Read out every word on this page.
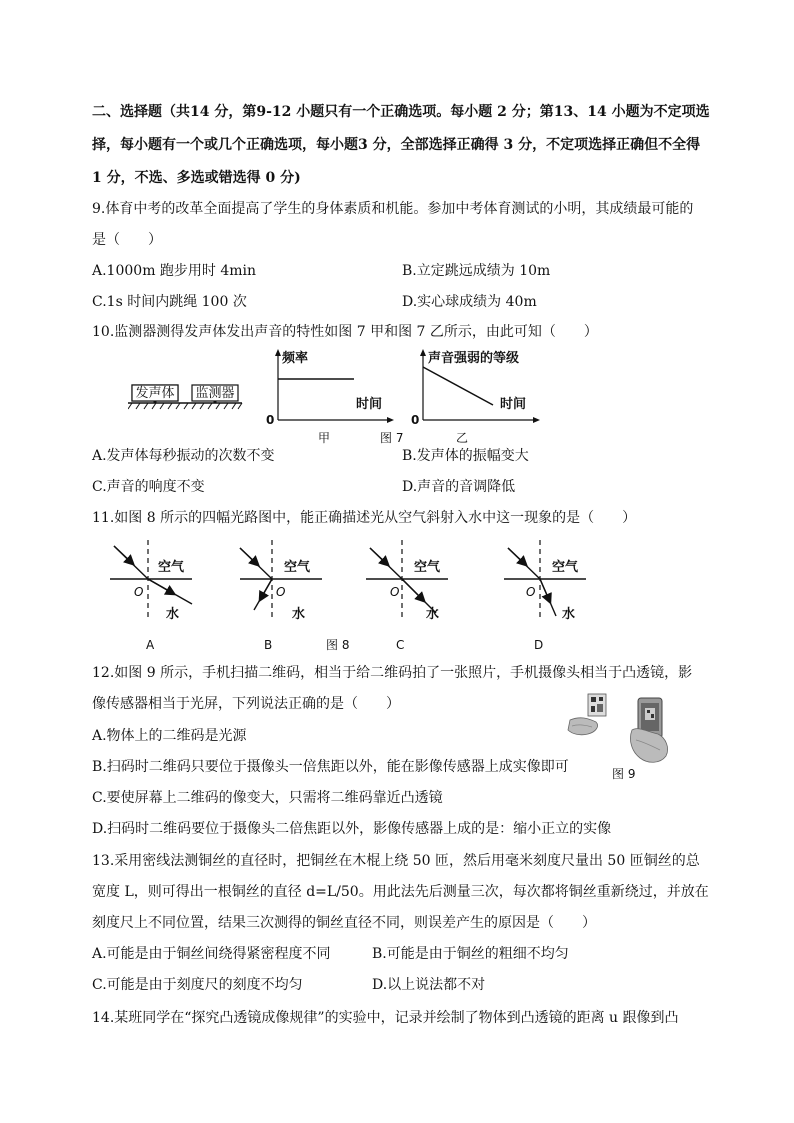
二、选择题（共14 分，第9-12 小题只有一个正确选项。每小题 2 分；第13、14 小题为不定项选
择，每小题有一个或几个正确选项，每小题3 分，全部选择正确得 3 分，不定项选择正确但不全得
1 分，不选、多选或错选得 0 分)
9.体育中考的改革全面提高了学生的身体素质和机能。参加中考体育测试的小明，其成绩最可能的
是（　　）
A.1000m 跑步用时 4min	B.立定跳远成绩为 10m
C.1s 时间内跳绳 100 次	D.实心球成绩为 40m
10.监测器测得发声体发出声音的特性如图 7 甲和图 7 乙所示，由此可知（　　）
发声体 监测器
频率
时间
0
声音强弱的等级
时间
0
甲	图 7	乙
A.发声体每秒振动的次数不变	B.发声体的振幅变大
C.声音的响度不变	D.声音的音调降低
11.如图 8 所示的四幅光路图中，能正确描述光从空气斜射入水中这一现象的是（　　）
空气
O
水
A
空气
O
水
B	图 8
空气
O
水
C
空气
O
水
D
12.如图 9 所示，手机扫描二维码，相当于给二维码拍了一张照片，手机摄像头相当于凸透镜，影
像传感器相当于光屏，下列说法正确的是（　　）
A.物体上的二维码是光源
B.扫码时二维码只要位于摄像头一倍焦距以外，能在影像传感器上成实像即可
C.要使屏幕上二维码的像变大，只需将二维码靠近凸透镜
D.扫码时二维码要位于摄像头二倍焦距以外，影像传感器上成的是：缩小正立的实像
图 9
13.采用密线法测铜丝的直径时，把铜丝在木棍上绕 50 匝，然后用毫米刻度尺量出 50 匝铜丝的总
宽度 L，则可得出一根铜丝的直径 d=L/50。用此法先后测量三次，每次都将铜丝重新绕过，并放在
刻度尺上不同位置，结果三次测得的铜丝直径不同，则误差产生的原因是（　　）
A.可能是由于铜丝间绕得紧密程度不同	B.可能是由于铜丝的粗细不均匀
C.可能是由于刻度尺的刻度不均匀	D.以上说法都不对
14.某班同学在“探究凸透镜成像规律”的实验中，记录并绘制了物体到凸透镜的距离 u 跟像到凸
